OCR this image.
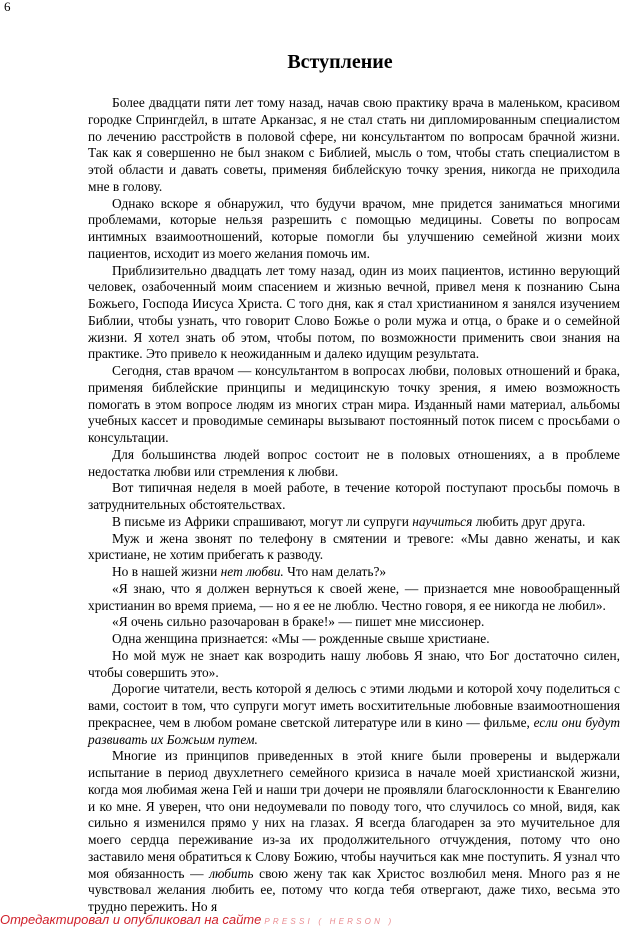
6
Вступление

Более двадцати пяти лет тому назад, начав свою практику врача в маленьком, красивом городке Спрингдейл, в штате Арканзас, я не стал стать ни дипломированным специалистом по лечению расстройств в половой сфере, ни консультантом по вопросам брачной жизни. Так как я совершенно не был знаком с Библией, мысль о том, чтобы стать специалистом в этой области и давать советы, применяя библейскую точку зрения, никогда не приходила мне в голову.

Однако вскоре я обнаружил, что будучи врачом, мне придется заниматься многими проблемами, которые нельзя разрешить с помощью медицины. Советы по вопросам интимных взаимоотношений, которые помогли бы улучшению семейной жизни моих пациентов, исходит из моего желания помочь им.

Приблизительно двадцать лет тому назад, один из моих пациентов, истинно верующий человек, озабоченный моим спасением и жизнью вечной, привел меня к познанию Сына Божьего, Господа Иисуса Христа. С того дня, как я стал христианином я занялся изучением Библии, чтобы узнать, что говорит Слово Божье о роли мужа и отца, о браке и о семейной жизни. Я хотел знать об этом, чтобы потом, по возможности применить свои знания на практике. Это привело к неожиданным и далеко идущим результата.

Сегодня, став врачом — консультантом в вопросах любви, половых отношений и брака, применяя библейские принципы и медицинскую точку зрения, я имею возможность помогать в этом вопросе людям из многих стран мира. Изданный нами материал, альбомы учебных кассет и проводимые семинары вызывают постоянный поток писем с просьбами о консультации.

Для большинства людей вопрос состоит не в половых отношениях, а в проблеме недостатка любви или стремления к любви.

Вот типичная неделя в моей работе, в течение которой поступают просьбы помочь в затруднительных обстоятельствах.

В письме из Африки спрашивают, могут ли супруги научиться любить друг друга.

Муж и жена звонят по телефону в смятении и тревоге: «Мы давно женаты, и как христиане, не хотим прибегать к разводу.

Но в нашей жизни нет любви. Что нам делать?»

«Я знаю, что я должен вернуться к своей жене, — признается мне новообращенный христианин во время приема, — но я ее не люблю. Честно говоря, я ее никогда не любил».

«Я очень сильно разочарован в браке!» — пишет мне миссионер.

Одна женщина признается: «Мы — рожденные свыше христиане.

Но мой муж не знает как возродить нашу любовь Я знаю, что Бог достаточно силен, чтобы совершить это».

Дорогие читатели, весть которой я делюсь с этими людьми и которой хочу поделиться с вами, состоит в том, что супруги могут иметь восхитительные любовные взаимоотношения прекраснее, чем в любом романе светской литературе или в кино — фильме, если они будут развивать их Божьим путем.

Многие из принципов приведенных в этой книге были проверены и выдержали испытание в период двухлетнего семейного кризиса в начале моей христианской жизни, когда моя любимая жена Гей и наши три дочери не проявляли благосклонности к Евангелию и ко мне. Я уверен, что они недоумевали по поводу того, что случилось со мной, видя, как сильно я изменился прямо у них на глазах. Я всегда благодарен за это мучительное для моего сердца переживание из-за их продолжительного отчуждения, потому что оно заставило меня обратиться к Слову Божию, чтобы научиться как мне поступить. Я узнал что моя обязанность — любить свою жену так как Христос возлюбил меня. Много раз я не чувствовал желания любить ее, потому что когда тебя отвергают, даже тихо, весьма это трудно пережить. Но я

Отредактировал и опубликовал на сайте PRESSI ( HERSON )
